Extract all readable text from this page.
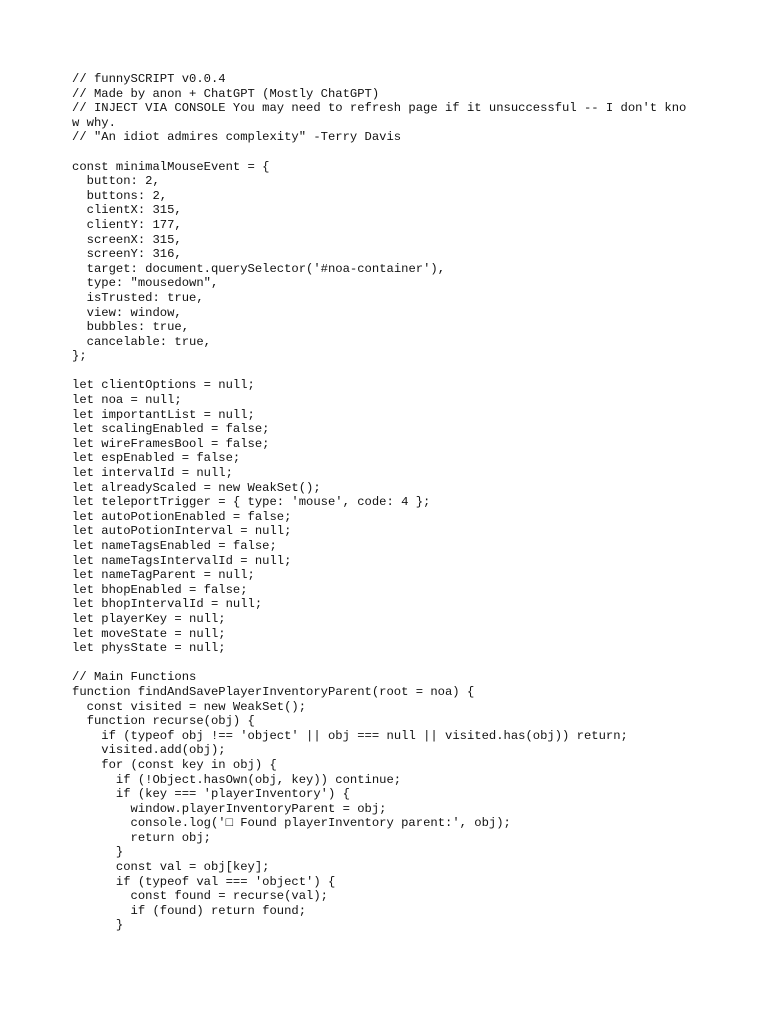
// funnySCRIPT v0.0.4
// Made by anon + ChatGPT (Mostly ChatGPT)
// INJECT VIA CONSOLE You may need to refresh page if it unsuccessful -- I don't know why.
// "An idiot admires complexity" -Terry Davis
const minimalMouseEvent = {
button: 2,
buttons: 2,
clientX: 315,
clientY: 177,
screenX: 315,
screenY: 316,
target: document.querySelector('#noa-container'),
type: "mousedown",
isTrusted: true,
view: window,
bubbles: true,
cancelable: true,
};
let clientOptions = null;
let noa = null;
let importantList = null;
let scalingEnabled = false;
let wireFramesBool = false;
let espEnabled = false;
let intervalId = null;
let alreadyScaled = new WeakSet();
let teleportTrigger = { type: 'mouse', code: 4 };
let autoPotionEnabled = false;
let autoPotionInterval = null;
let nameTagsEnabled = false;
let nameTagsIntervalId = null;
let nameTagParent = null;
let bhopEnabled = false;
let bhopIntervalId = null;
let playerKey = null;
let moveState = null;
let physState = null;
// Main Functions
function findAndSavePlayerInventoryParent(root = noa) {
const visited = new WeakSet();
function recurse(obj) {
if (typeof obj !== 'object' || obj === null || visited.has(obj)) return;
visited.add(obj);
for (const key in obj) {
if (!Object.hasOwn(obj, key)) continue;
if (key === 'playerInventory') {
window.playerInventoryParent = obj;
console.log('□ Found playerInventory parent:', obj);
return obj;
}
const val = obj[key];
if (typeof val === 'object') {
const found = recurse(val);
if (found) return found;
}
